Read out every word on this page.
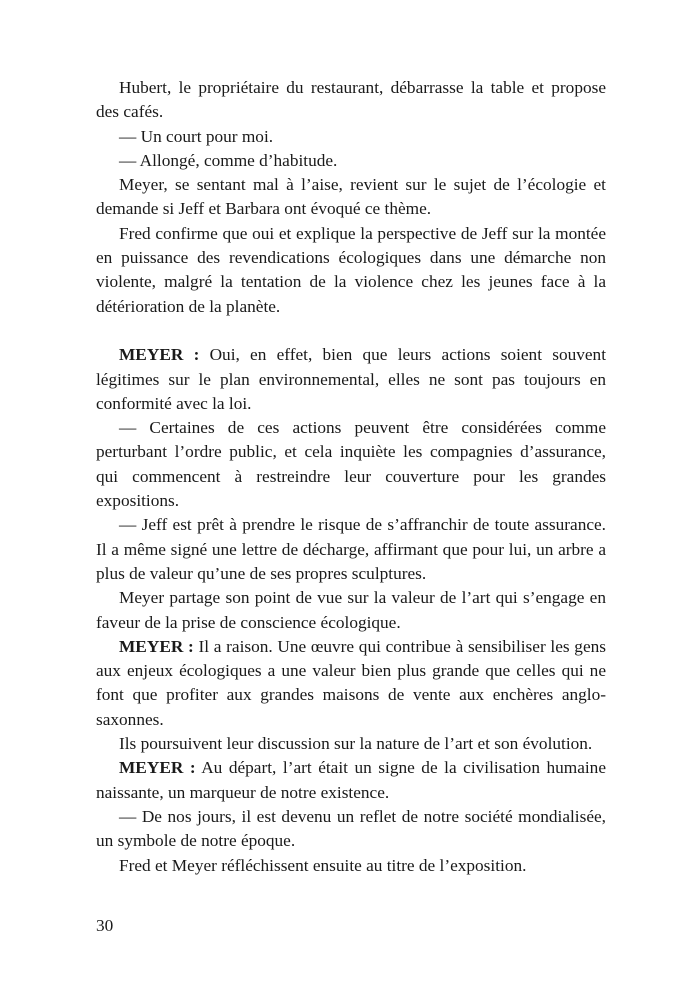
Hubert, le propriétaire du restaurant, débarrasse la table et propose des cafés.

— Un court pour moi.

— Allongé, comme d’habitude.

Meyer, se sentant mal à l’aise, revient sur le sujet de l’écologie et demande si Jeff et Barbara ont évoqué ce thème.

Fred confirme que oui et explique la perspective de Jeff sur la montée en puissance des revendications écologiques dans une démarche non violente, malgré la tentation de la violence chez les jeunes face à la détérioration de la planète.

MEYER : Oui, en effet, bien que leurs actions soient souvent légitimes sur le plan environnemental, elles ne sont pas toujours en conformité avec la loi.

— Certaines de ces actions peuvent être considérées comme perturbant l’ordre public, et cela inquiète les compagnies d’assurance, qui commencent à restreindre leur couverture pour les grandes expositions.

— Jeff est prêt à prendre le risque de s’affranchir de toute assurance. Il a même signé une lettre de décharge, affirmant que pour lui, un arbre a plus de valeur qu’une de ses propres sculptures.

Meyer partage son point de vue sur la valeur de l’art qui s’engage en faveur de la prise de conscience écologique.

MEYER : Il a raison. Une œuvre qui contribue à sensibiliser les gens aux enjeux écologiques a une valeur bien plus grande que celles qui ne font que profiter aux grandes maisons de vente aux enchères anglo-saxonnes.

Ils poursuivent leur discussion sur la nature de l’art et son évolution.

MEYER : Au départ, l’art était un signe de la civilisation humaine naissante, un marqueur de notre existence.

— De nos jours, il est devenu un reflet de notre société mondialisée, un symbole de notre époque.

Fred et Meyer réfléchissent ensuite au titre de l’exposition.

30
